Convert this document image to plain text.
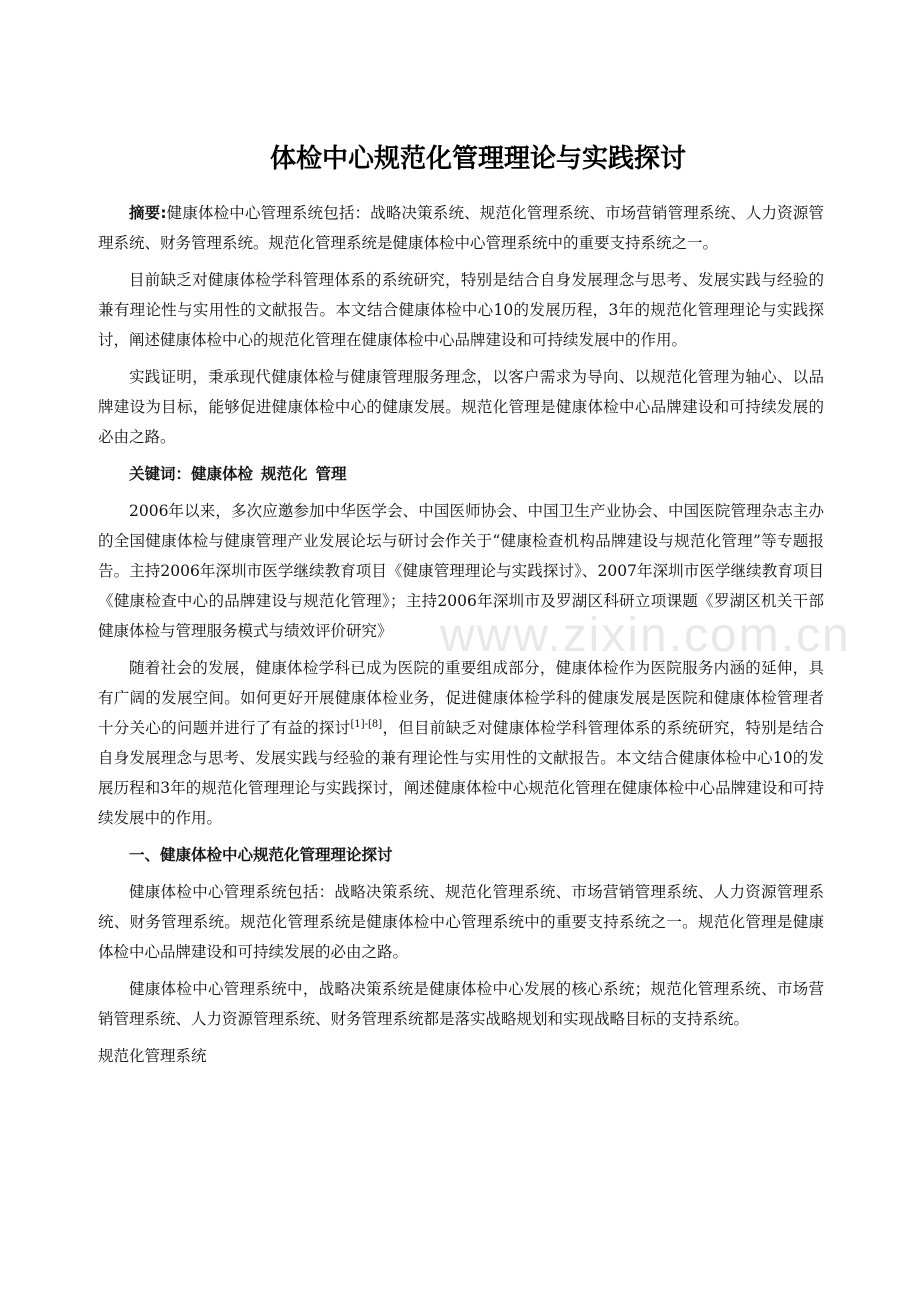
www.zixin.com.cn
体检中心规范化管理理论与实践探讨

摘要:健康体检中心管理系统包括：战略决策系统、规范化管理系统、市场营销管理系统、人力资源管理系统、财务管理系统。规范化管理系统是健康体检中心管理系统中的重要支持系统之一。

目前缺乏对健康体检学科管理体系的系统研究，特别是结合自身发展理念与思考、发展实践与经验的兼有理论性与实用性的文献报告。本文结合健康体检中心10的发展历程，3年的规范化管理理论与实践探讨，阐述健康体检中心的规范化管理在健康体检中心品牌建设和可持续发展中的作用。

实践证明，秉承现代健康体检与健康管理服务理念，以客户需求为导向、以规范化管理为轴心、以品牌建设为目标，能够促进健康体检中心的健康发展。规范化管理是健康体检中心品牌建设和可持续发展的必由之路。

关键词：健康体检 规范化 管理

2006年以来，多次应邀参加中华医学会、中国医师协会、中国卫生产业协会、中国医院管理杂志主办的全国健康体检与健康管理产业发展论坛与研讨会作关于“健康检查机构品牌建设与规范化管理”等专题报告。主持2006年深圳市医学继续教育项目《健康管理理论与实践探讨》、2007年深圳市医学继续教育项目《健康检查中心的品牌建设与规范化管理》；主持2006年深圳市及罗湖区科研立项课题《罗湖区机关干部健康体检与管理服务模式与绩效评价研究》

随着社会的发展，健康体检学科已成为医院的重要组成部分，健康体检作为医院服务内涵的延伸，具有广阔的发展空间。如何更好开展健康体检业务，促进健康体检学科的健康发展是医院和健康体检管理者十分关心的问题并进行了有益的探讨[1]-[8]，但目前缺乏对健康体检学科管理体系的系统研究，特别是结合自身发展理念与思考、发展实践与经验的兼有理论性与实用性的文献报告。本文结合健康体检中心10的发展历程和3年的规范化管理理论与实践探讨，阐述健康体检中心规范化管理在健康体检中心品牌建设和可持续发展中的作用。

一、健康体检中心规范化管理理论探讨

健康体检中心管理系统包括：战略决策系统、规范化管理系统、市场营销管理系统、人力资源管理系统、财务管理系统。规范化管理系统是健康体检中心管理系统中的重要支持系统之一。规范化管理是健康体检中心品牌建设和可持续发展的必由之路。

健康体检中心管理系统中，战略决策系统是健康体检中心发展的核心系统；规范化管理系统、市场营销管理系统、人力资源管理系统、财务管理系统都是落实战略规划和实现战略目标的支持系统。

规范化管理系统
